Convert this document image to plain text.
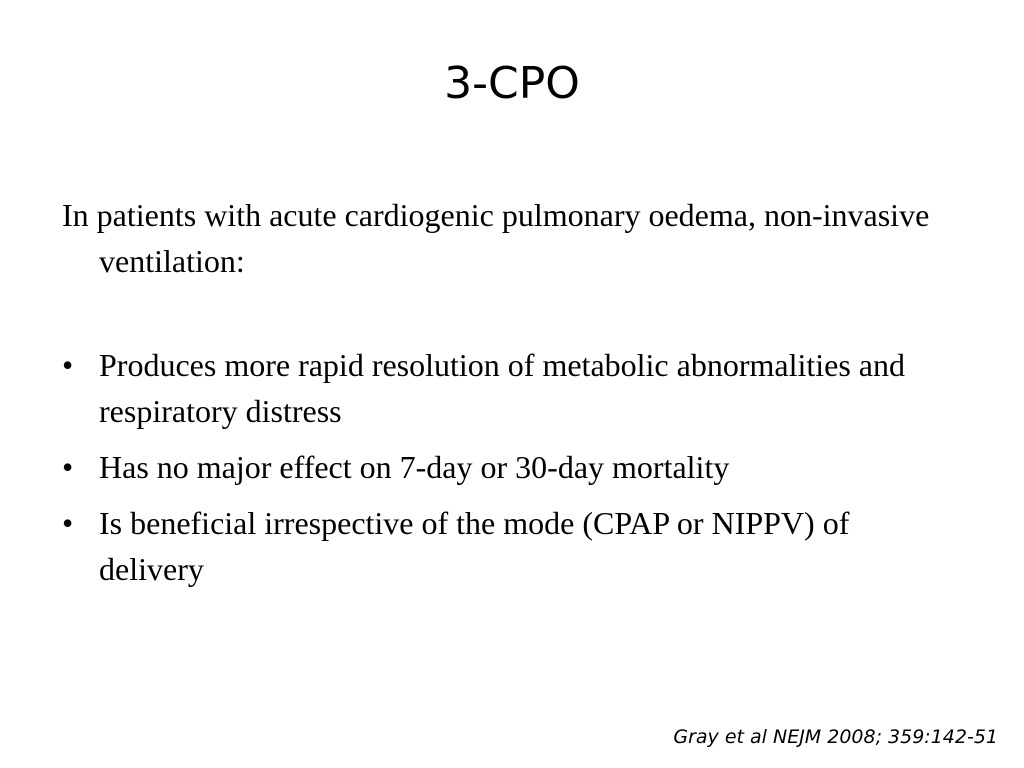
3-CPO

In patients with acute cardiogenic pulmonary oedema, non-invasive ventilation:

• Produces more rapid resolution of metabolic abnormalities and respiratory distress
• Has no major effect on 7-day or 30-day mortality
• Is beneficial irrespective of the mode (CPAP or NIPPV) of delivery
Gray et al NEJM 2008; 359:142-51
